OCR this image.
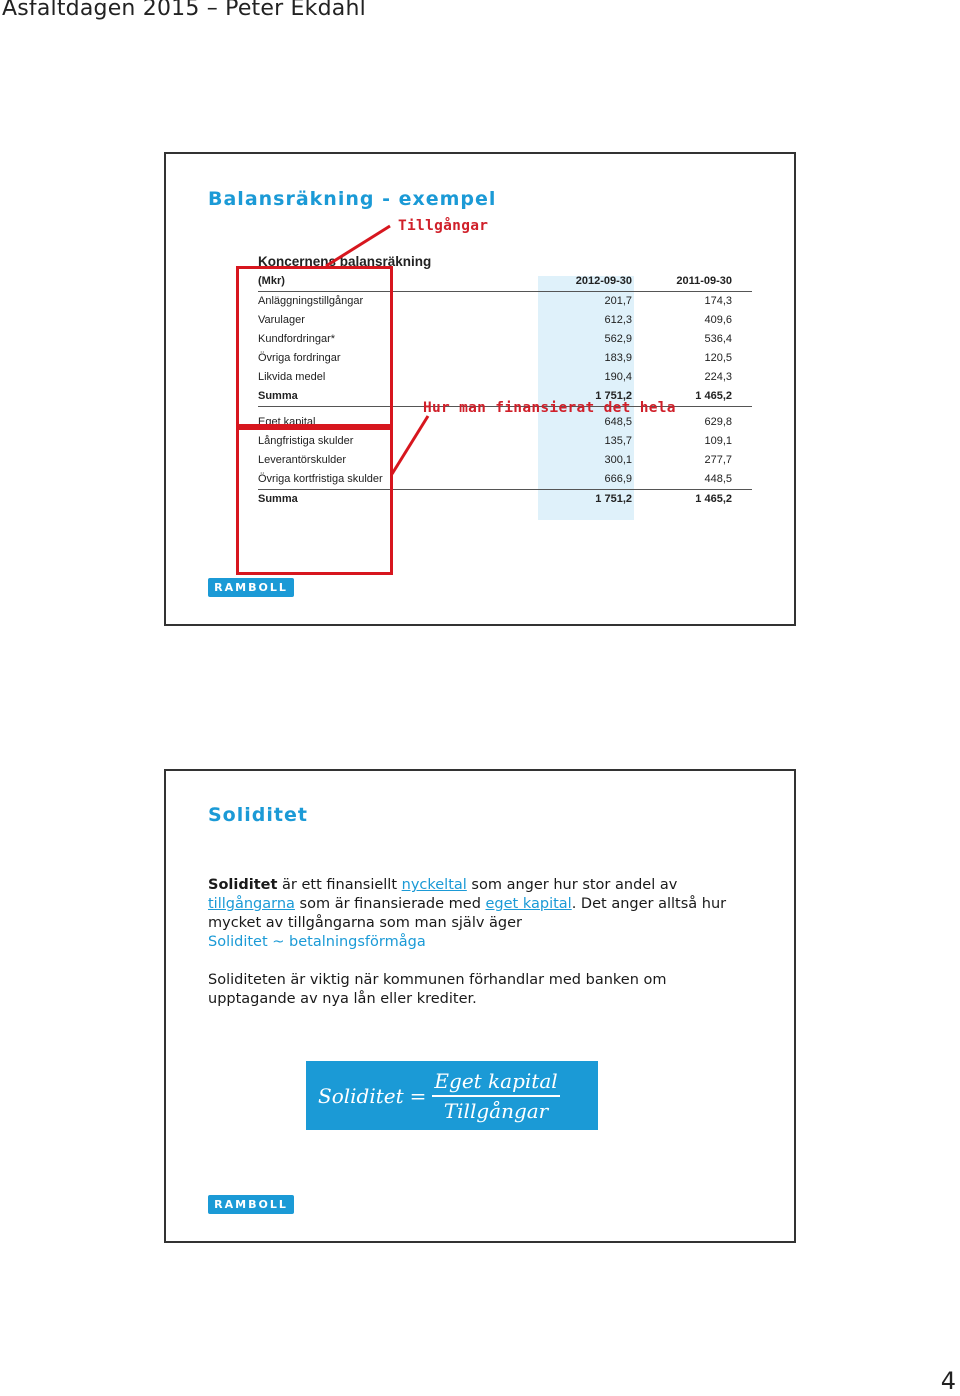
Asfaltdagen 2015 – Peter Ekdahl
Balansräkning - exempel
Tillgångar
Koncernens balansräkning
(Mkr)	2012-09-30	2011-09-30
Anläggningstillgångar	201,7	174,3
Varulager	612,3	409,6
Kundfordringar*	562,9	536,4
Övriga fordringar	183,9	120,5
Likvida medel	190,4	224,3
Summa	1 751,2	1 465,2
Eget kapital	648,5	629,8
Långfristiga skulder	135,7	109,1
Leverantörskulder	300,1	277,7
Övriga kortfristiga skulder	666,9	448,5
Summa	1 751,2	1 465,2
Hur man finansierat det hela
RAMBOLL
Soliditet
Soliditet är ett finansiellt nyckeltal som anger hur stor andel av tillgångarna som är finansierade med eget kapital. Det anger alltså hur mycket av tillgångarna som man själv äger
Soliditet ~ betalningsförmåga
Soliditeten är viktig när kommunen förhandlar med banken om upptagande av nya lån eller krediter.
Soliditet = $\frac{\text{Eget kapital}}{\text{Tillgångar}}$
RAMBOLL
4
